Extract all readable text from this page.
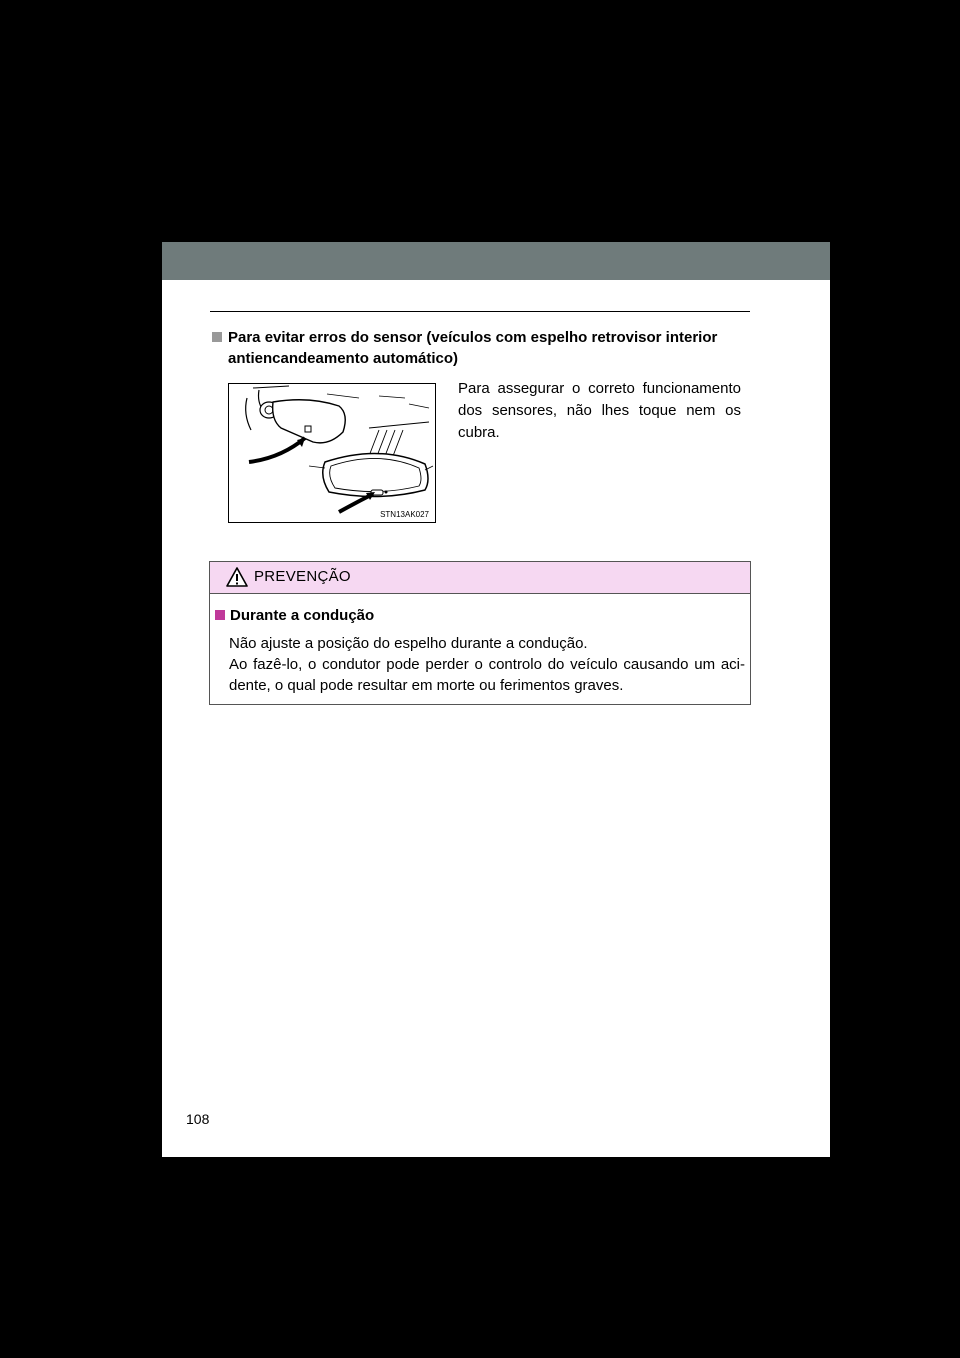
Para evitar erros do sensor (veículos com espelho retrovisor interior
antiencandeamento automático)
STN13AK027
Para assegurar o correto funcionamento dos sensores, não lhes toque nem os cubra.
PREVENÇÃO
Durante a condução

Não ajuste a posição do espelho durante a condução.

Ao fazê-lo, o condutor pode perder o controlo do veículo causando um aci-dente, o qual pode resultar em morte ou ferimentos graves.

108
